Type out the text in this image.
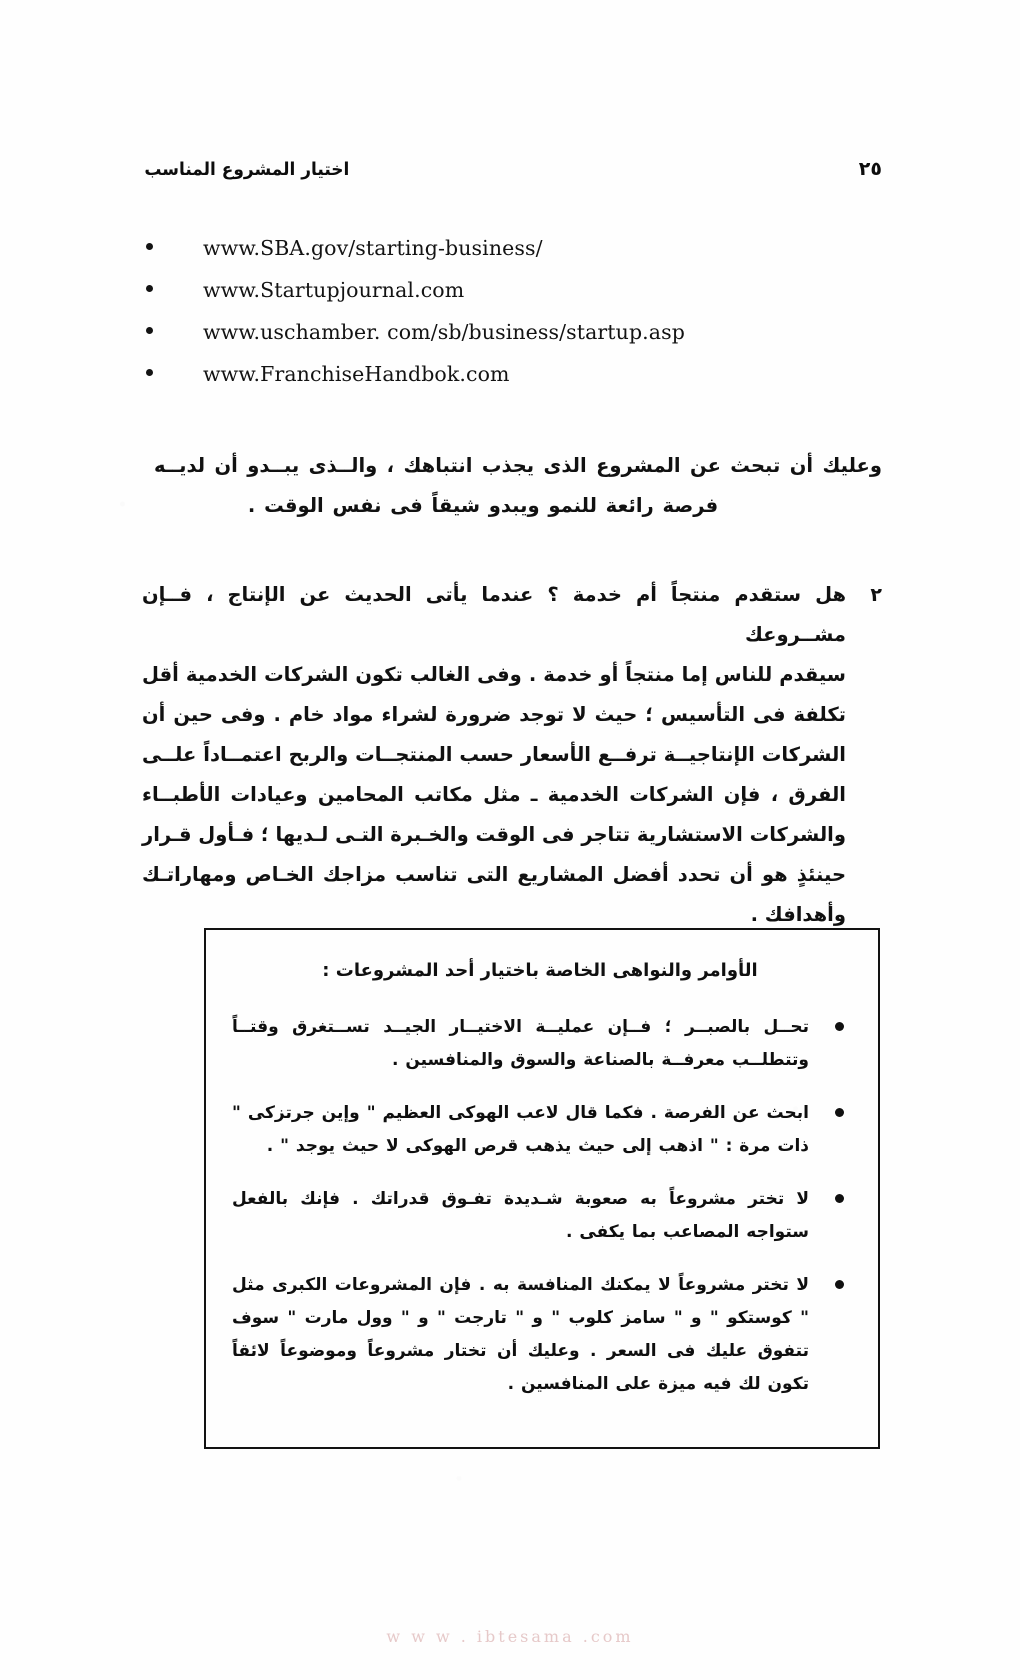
اختيار المشروع المناسب	٢٥
www.SBA.gov/starting-business/
www.Startupjournal.com
www.uschamber. com/sb/business/startup.asp
www.FranchiseHandbok.com
وعليك أن تبحث عن المشروع الذى يجذب انتباهك ، والــذى يبــدو أن لديــه
فرصة رائعة للنمو ويبدو شيقاً فى نفس الوقت .
٢
هل ستقدم منتجاً أم خدمة ؟ عندما يأتى الحديث عن الإنتاج ، فــإن مشــروعك
سيقدم للناس إما منتجاً أو خدمة . وفى الغالب تكون الشركات الخدمية أقل
تكلفة فى التأسيس ؛ حيث لا توجد ضرورة لشراء مواد خام . وفى حين أن
الشركات الإنتاجيــة ترفــع الأسعار حسب المنتجــات والربح اعتمــاداً علــى
الفرق ، فإن الشركات الخدمية ـ مثل مكاتب المحامين وعيادات الأطبــاء
والشركات الاستشارية تتاجر فى الوقت والخـبرة التـى لـديها ؛ فـأول قـرار
حينئذٍ هو أن تحدد أفضل المشاريع التى تناسب مزاجك الخـاص ومهاراتـك
وأهدافك .
الأوامر والنواهى الخاصة باختيار أحد المشروعات :
تحــل بالصبــر ؛ فــإن عمليــة الاختيــار الجيــد تســتغرق وقتــاً وتتطلــب معرفــة بالصناعة والسوق والمنافسين .
ابحث عن الفرصة . فكما قال لاعب الهوكى العظيم " وإين جرتزكى " ذات مرة : " اذهب إلى حيث يذهب قرص الهوكى لا حيث يوجد " .
لا تختر مشروعاً به صعوبة شـديدة تفـوق قدراتك . فإنك بالفعل ستواجه المصاعب بما يكفى .
لا تختر مشروعاً لا يمكنك المنافسة به . فإن المشروعات الكبرى مثل " كوستكو " و " سامز كلوب " و " تارجت " و " وول مارت " سوف تتفوق عليك فى السعر . وعليك أن تختار مشروعاً وموضوعاً لائقاً تكون لك فيه ميزة على المنافسين .
w w w . ibtesama .com
